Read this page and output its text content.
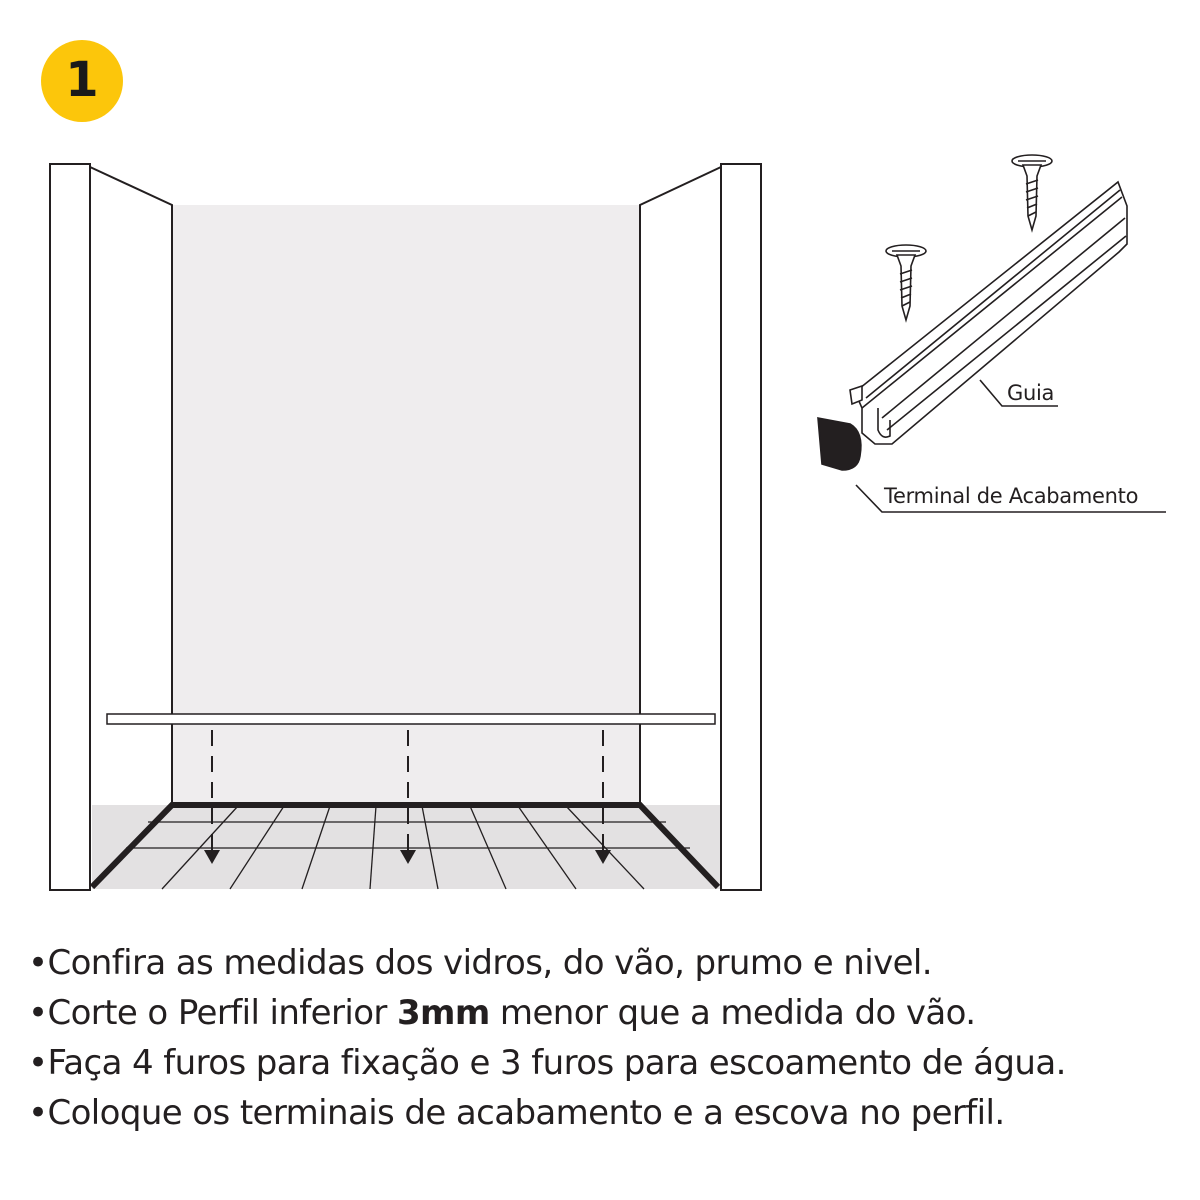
1
Guia
Terminal de Acabamento
•Confira as medidas dos vidros, do vão, prumo e nivel.
•Corte o Perfil inferior 3mm menor que a medida do vão.
•Faça 4 furos para fixação e 3 furos para escoamento de água.
•Coloque os terminais de acabamento e a escova no perfil.
